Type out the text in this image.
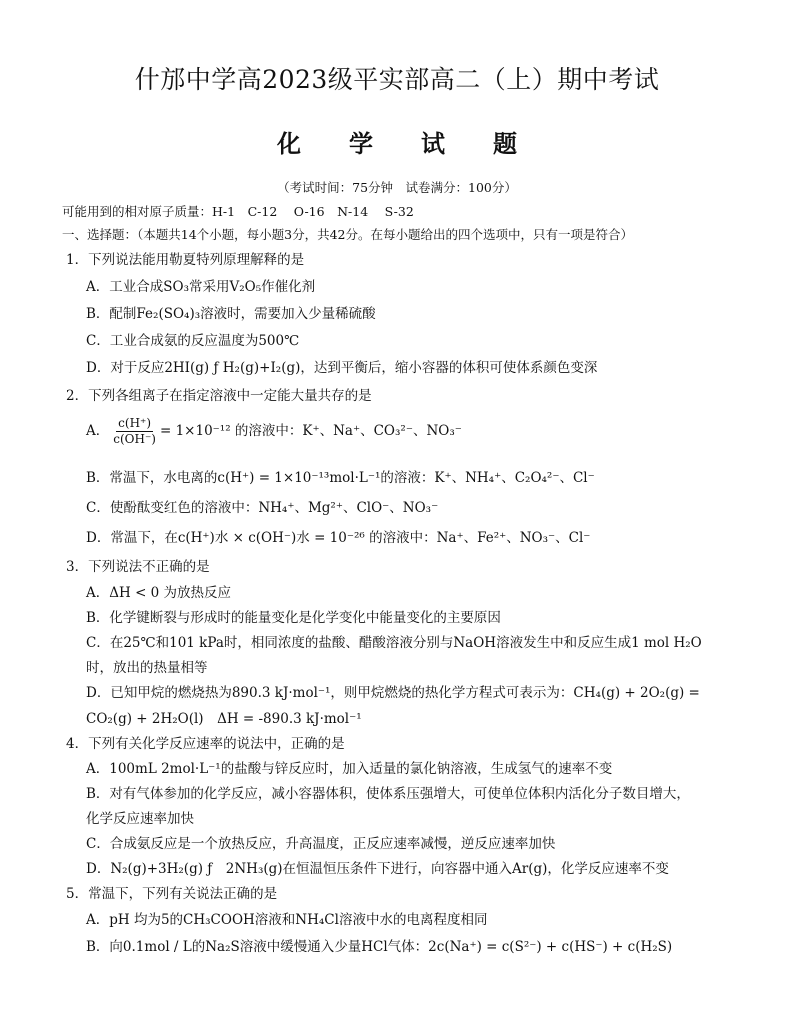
什邡中学高2023级平实部高二（上）期中考试
化 学 试 题
（考试时间：75分钟　试卷满分：100分）
可能用到的相对原子质量：H-1　C-12　 O-16　N-14　 S-32
一、选择题：（本题共14个小题，每小题3分，共42分。在每小题给出的四个选项中，只有一项是符合）
1．下列说法能用勒夏特列原理解释的是
A．工业合成SO₃常采用V₂O₅作催化剂
B．配制Fe₂(SO₄)₃溶液时，需要加入少量稀硫酸
C．工业合成氨的反应温度为500℃
D．对于反应2HI(g) ƒ H₂(g)+I₂(g)，达到平衡后，缩小容器的体积可使体系颜色变深
2．下列各组离子在指定溶液中一定能大量共存的是
A． $\frac{c(H^+)}{c(OH^-)} = 1\times 10^{-12}$ 的溶液中：K⁺、Na⁺、CO₃²⁻、NO₃⁻
B．常温下，水电离的c(H⁺) = 1×10⁻¹³mol·L⁻¹的溶液：K⁺、NH₄⁺、C₂O₄²⁻、Cl⁻
C．使酚酞变红色的溶液中：NH₄⁺、Mg²⁺、ClO⁻、NO₃⁻
D．常温下，在c(H⁺)水 × c(OH⁻)水 = 10⁻²⁶ 的溶液中：Na⁺、Fe²⁺、NO₃⁻、Cl⁻
3．下列说法不正确的是
A．ΔH < 0 为放热反应
B．化学键断裂与形成时的能量变化是化学变化中能量变化的主要原因
C．在25℃和101 kPa时，相同浓度的盐酸、醋酸溶液分别与NaOH溶液发生中和反应生成1 mol H₂O
时，放出的热量相等
D．已知甲烷的燃烧热为890.3 kJ·mol⁻¹，则甲烷燃烧的热化学方程式可表示为：CH₄(g) + 2O₂(g) =
CO₂(g) + 2H₂O(l)　ΔH = -890.3 kJ·mol⁻¹
4．下列有关化学反应速率的说法中，正确的是
A．100mL 2mol·L⁻¹的盐酸与锌反应时，加入适量的氯化钠溶液，生成氢气的速率不变
B．对有气体参加的化学反应，减小容器体积，使体系压强增大，可使单位体积内活化分子数目增大，
化学反应速率加快
C．合成氨反应是一个放热反应，升高温度，正反应速率减慢，逆反应速率加快
D．N₂(g)+3H₂(g) ƒ　2NH₃(g)在恒温恒压条件下进行，向容器中通入Ar(g)，化学反应速率不变
5．常温下，下列有关说法正确的是
A．pH 均为5的CH₃COOH溶液和NH₄Cl溶液中水的电离程度相同
B．向0.1mol / L的Na₂S溶液中缓慢通入少量HCl气体：2c(Na⁺) = c(S²⁻) + c(HS⁻) + c(H₂S)
